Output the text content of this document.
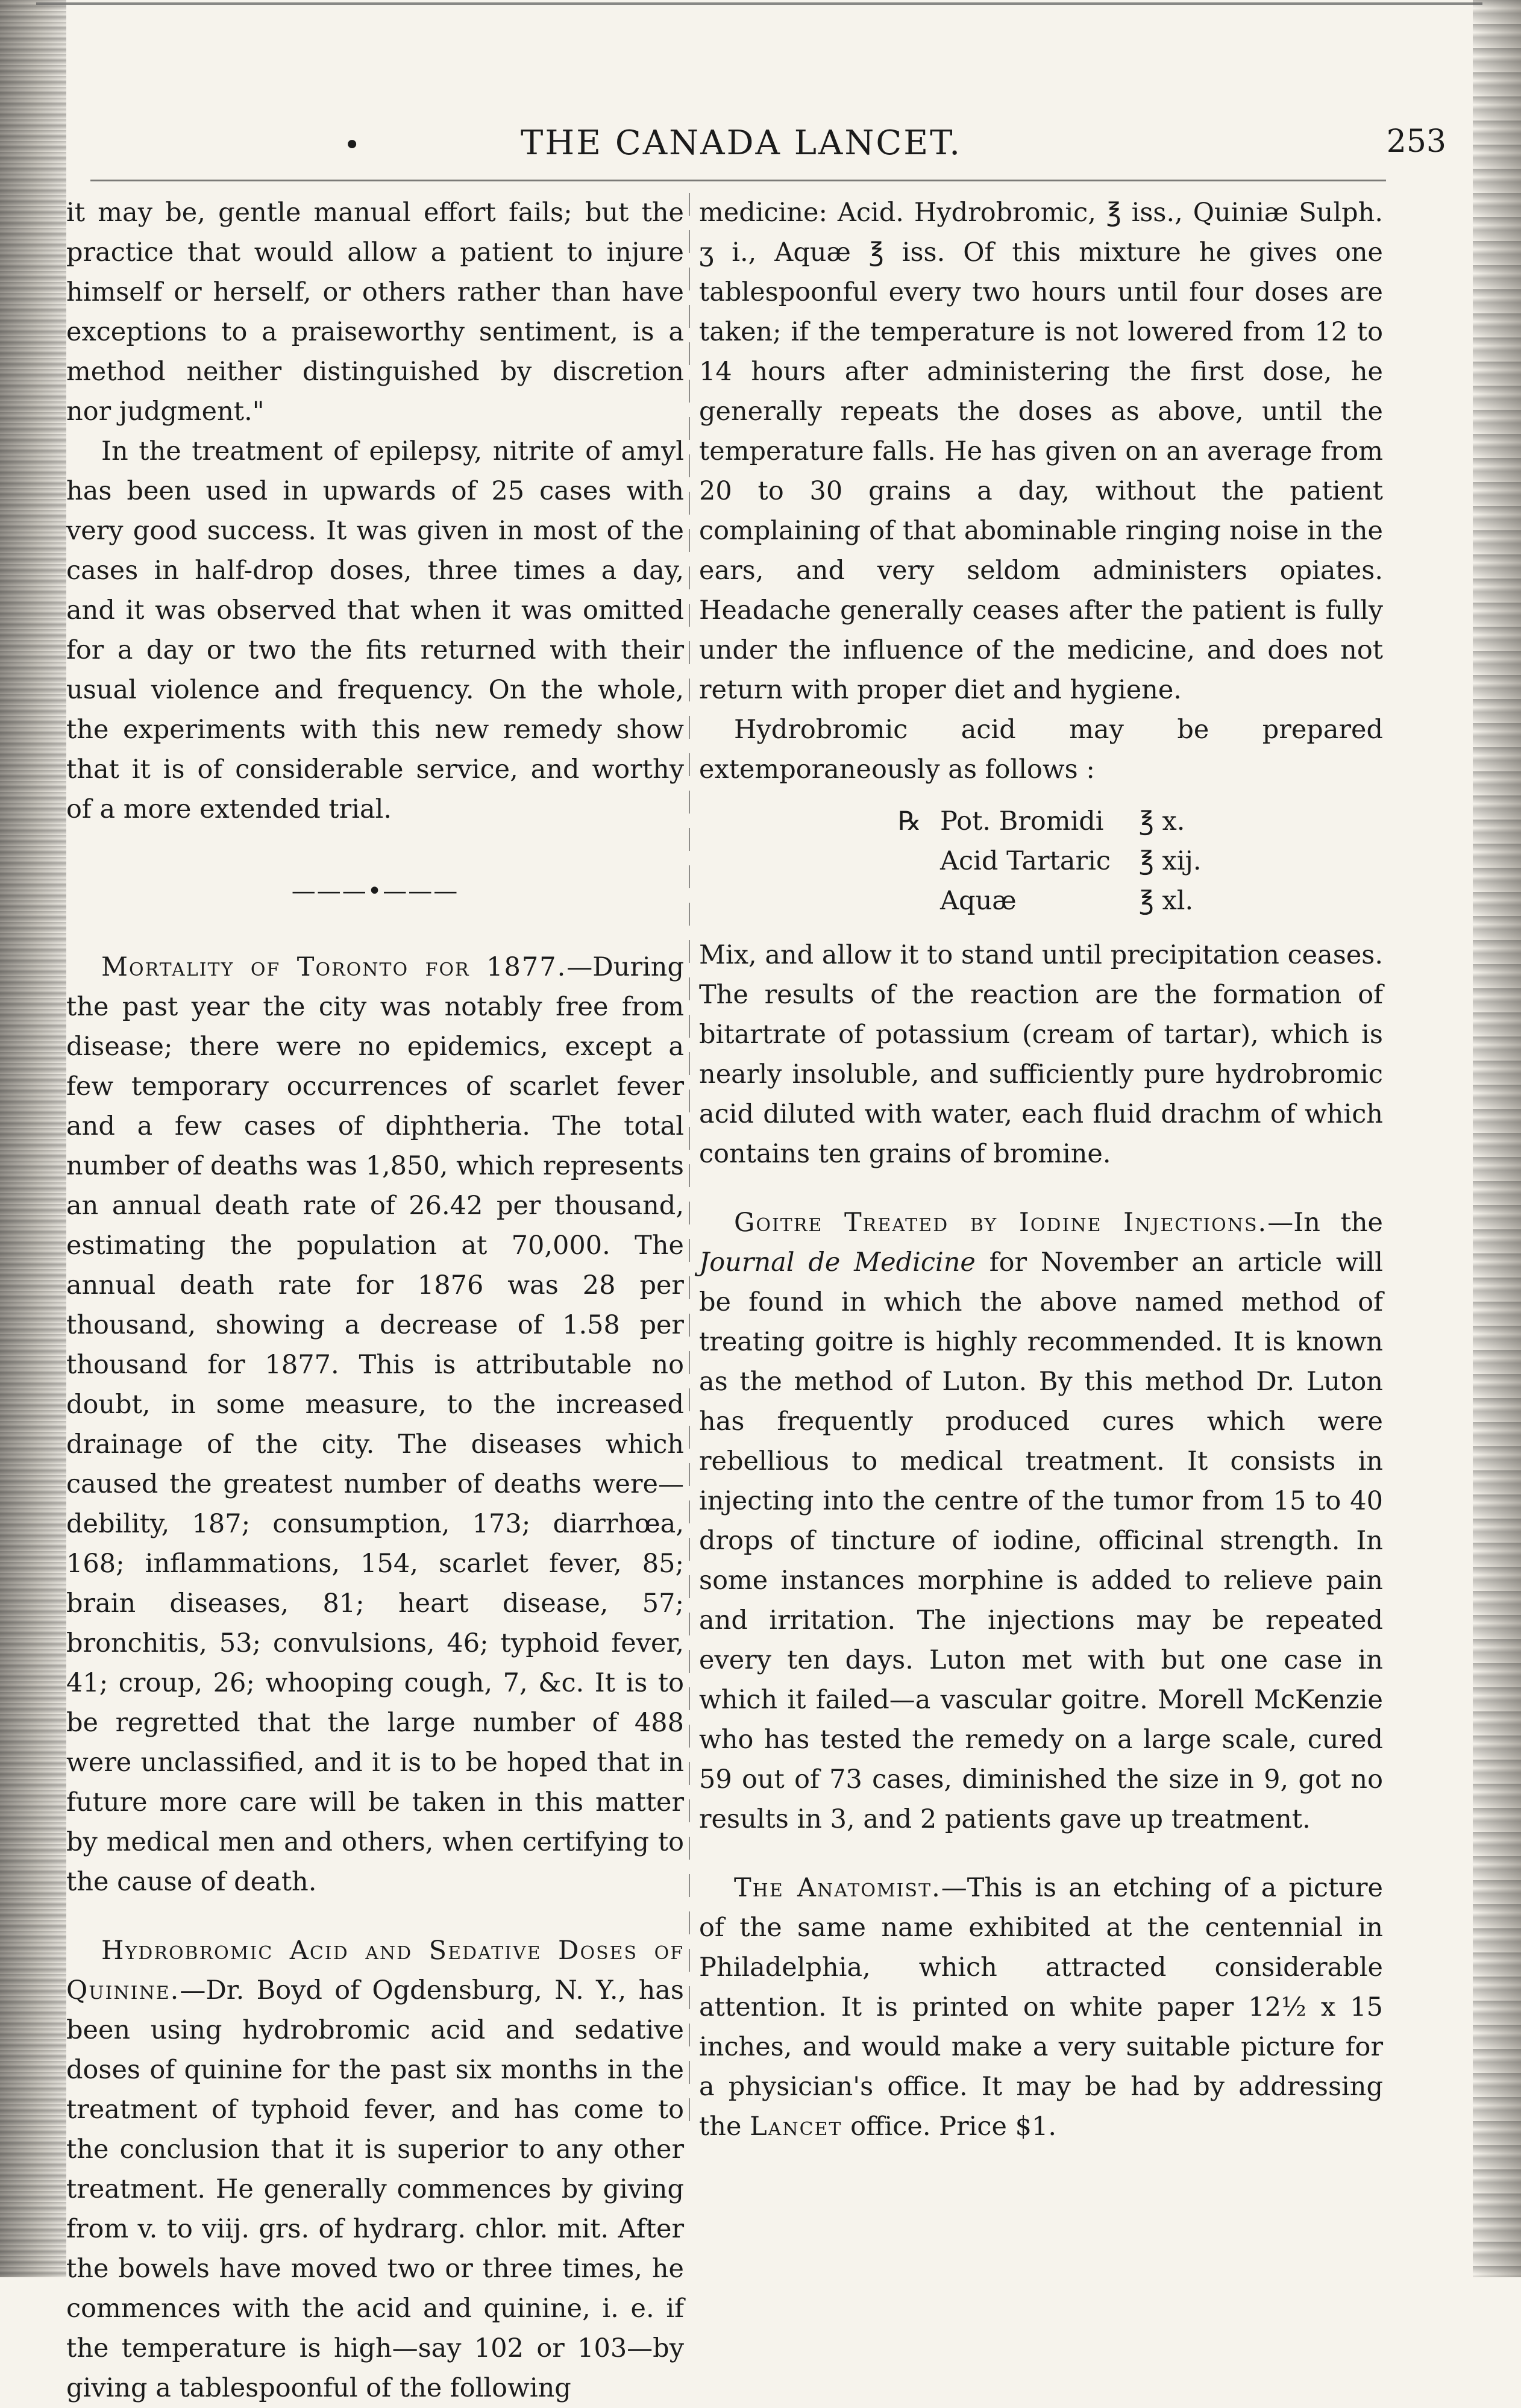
•	THE CANADA LANCET.	253

it may be, gentle manual effort fails; but the practice that would allow a patient to injure himself or herself, or others rather than have exceptions to a praiseworthy sentiment, is a method neither distinguished by discretion nor judgment."

In the treatment of epilepsy, nitrite of amyl has been used in upwards of 25 cases with very good success. It was given in most of the cases in half-drop doses, three times a day, and it was observed that when it was omitted for a day or two the fits returned with their usual violence and frequency. On the whole, the experiments with this new remedy show that it is of considerable service, and worthy of a more extended trial.

———•———

Mortality of Toronto for 1877.—During the past year the city was notably free from disease; there were no epidemics, except a few temporary occurrences of scarlet fever and a few cases of diphtheria. The total number of deaths was 1,850, which represents an annual death rate of 26.42 per thousand, estimating the population at 70,000. The annual death rate for 1876 was 28 per thousand, showing a decrease of 1.58 per thousand for 1877. This is attributable no doubt, in some measure, to the increased drainage of the city. The diseases which caused the greatest number of deaths were—debility, 187; consumption, 173; diarrhœa, 168; inflammations, 154, scarlet fever, 85; brain diseases, 81; heart disease, 57; bronchitis, 53; convulsions, 46; typhoid fever, 41; croup, 26; whooping cough, 7, &c. It is to be regretted that the large number of 488 were unclassified, and it is to be hoped that in future more care will be taken in this matter by medical men and others, when certifying to the cause of death.

Hydrobromic Acid and Sedative Doses of Quinine.—Dr. Boyd of Ogdensburg, N. Y., has been using hydrobromic acid and sedative doses of quinine for the past six months in the treatment of typhoid fever, and has come to the conclusion that it is superior to any other treatment. He generally commences by giving from v. to viij. grs. of hydrarg. chlor. mit. After the bowels have moved two or three times, he commences with the acid and quinine, i. e. if the temperature is high—say 102 or 103—by giving a tablespoonful of the following

medicine: Acid. Hydrobromic, ℥ iss., Quiniæ Sulph. ʒ i., Aquæ ℥ iss. Of this mixture he gives one tablespoonful every two hours until four doses are taken; if the temperature is not lowered from 12 to 14 hours after administering the first dose, he generally repeats the doses as above, until the temperature falls. He has given on an average from 20 to 30 grains a day, without the patient complaining of that abominable ringing noise in the ears, and very seldom administers opiates. Headache generally ceases after the patient is fully under the influence of the medicine, and does not return with proper diet and hygiene.

Hydrobromic acid may be prepared extemporaneously as follows :

℞ Pot. Bromidi	℥ x.
Acid Tartaric	℥ xij.
Aquæ	℥ xl.

Mix, and allow it to stand until precipitation ceases. The results of the reaction are the formation of bitartrate of potassium (cream of tartar), which is nearly insoluble, and sufficiently pure hydrobromic acid diluted with water, each fluid drachm of which contains ten grains of bromine.

Goitre Treated by Iodine Injections.—In the Journal de Medicine for November an article will be found in which the above named method of treating goitre is highly recommended. It is known as the method of Luton. By this method Dr. Luton has frequently produced cures which were rebellious to medical treatment. It consists in injecting into the centre of the tumor from 15 to 40 drops of tincture of iodine, officinal strength. In some instances morphine is added to relieve pain and irritation. The injections may be repeated every ten days. Luton met with but one case in which it failed—a vascular goitre. Morell McKenzie who has tested the remedy on a large scale, cured 59 out of 73 cases, diminished the size in 9, got no results in 3, and 2 patients gave up treatment.

The Anatomist.—This is an etching of a picture of the same name exhibited at the centennial in Philadelphia, which attracted considerable attention. It is printed on white paper 12½ x 15 inches, and would make a very suitable picture for a physician's office. It may be had by addressing the Lancet office. Price $1.
